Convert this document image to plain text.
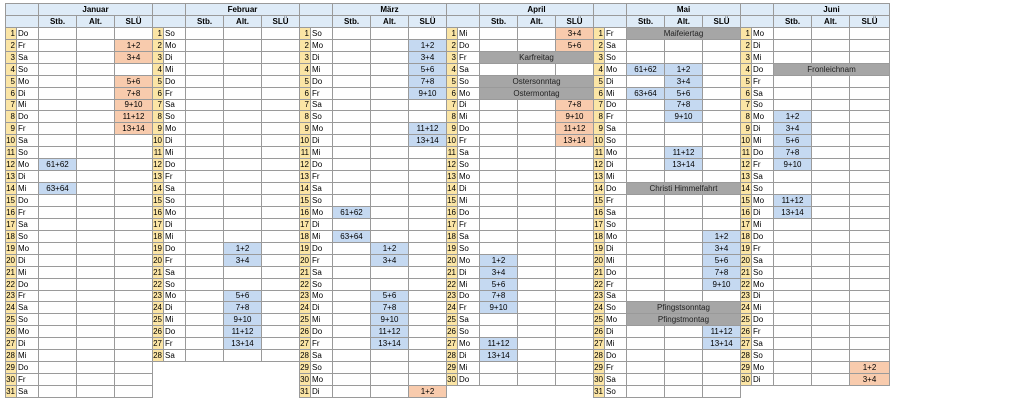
		Januar					Februar					März					April					Mai					Juni		
		Stb.	Alt.	SLÜ			Stb.	Alt.	SLÜ			Stb.	Alt.	SLÜ			Stb.	Alt.	SLÜ			Stb.	Alt.	SLÜ			Stb.	Alt.	SLÜ
1	Do				1	So				1	So				1	Mi			3+4	1	Fr	Maifeiertag			1	Mo			
2	Fr			1+2	2	Mo				2	Mo			1+2	2	Do			5+6	2	Sa				2	Di			
3	Sa			3+4	3	Di				3	Di			3+4	3	Fr	Karfreitag			3	So				3	Mi			
4	So				4	Mi				4	Mi			5+6	4	Sa				4	Mo	61+62	1+2		4	Do	Fronleichnam		
5	Mo			5+6	5	Do				5	Do			7+8	5	So	Ostersonntag			5	Di		3+4		5	Fr			
6	Di			7+8	6	Fr				6	Fr			9+10	6	Mo	Ostermontag			6	Mi	63+64	5+6		6	Sa			
7	Mi			9+10	7	Sa				7	Sa				7	Di			7+8	7	Do		7+8		7	So			
8	Do			11+12	8	So				8	So				8	Mi			9+10	8	Fr		9+10		8	Mo	1+2		
9	Fr			13+14	9	Mo				9	Mo			11+12	9	Do			11+12	9	Sa				9	Di	3+4		
10	Sa				10	Di				10	Di			13+14	10	Fr			13+14	10	So				10	Mi	5+6		
11	So				11	Mi				11	Mi				11	Sa				11	Mo		11+12		11	Do	7+8		
12	Mo	61+62			12	Do				12	Do				12	So				12	Di		13+14		12	Fr	9+10		
13	Di				13	Fr				13	Fr				13	Mo				13	Mi				13	Sa			
14	Mi	63+64			14	Sa				14	Sa				14	Di				14	Do	Christi Himmelfahrt			14	So			
15	Do				15	So				15	So				15	Mi				15	Fr				15	Mo	11+12		
16	Fr				16	Mo				16	Mo	61+62			16	Do				16	Sa				16	Di	13+14		
17	Sa				17	Di				17	Di				17	Fr				17	So				17	Mi			
18	So				18	Mi				18	Mi	63+64			18	Sa				18	Mo			1+2	18	Do			
19	Mo				19	Do		1+2		19	Do		1+2		19	So				19	Di			3+4	19	Fr			
20	Di				20	Fr		3+4		20	Fr		3+4		20	Mo	1+2			20	Mi			5+6	20	Sa			
21	Mi				21	Sa				21	Sa				21	Di	3+4			21	Do			7+8	21	So			
22	Do				22	So				22	So				22	Mi	5+6			22	Fr			9+10	22	Mo			
23	Fr				23	Mo		5+6		23	Mo		5+6		23	Do	7+8			23	Sa				23	Di			
24	Sa				24	Di		7+8		24	Di		7+8		24	Fr	9+10			24	So	Pfingstsonntag			24	Mi			
25	So				25	Mi		9+10		25	Mi		9+10		25	Sa				25	Mo	Pfingstmontag			25	Do			
26	Mo				26	Do		11+12		26	Do		11+12		26	So				26	Di			11+12	26	Fr			
27	Di				27	Fr		13+14		27	Fr		13+14		27	Mo	11+12			27	Mi			13+14	27	Sa			
28	Mi				28	Sa				28	Sa				28	Di	13+14			28	Do				28	So			
29	Do									29	So				29	Mi				29	Fr				29	Mo			1+2
30	Fr									30	Mo				30	Do				30	Sa				30	Di			3+4
31	Sa									31	Di			1+2						31	So								
